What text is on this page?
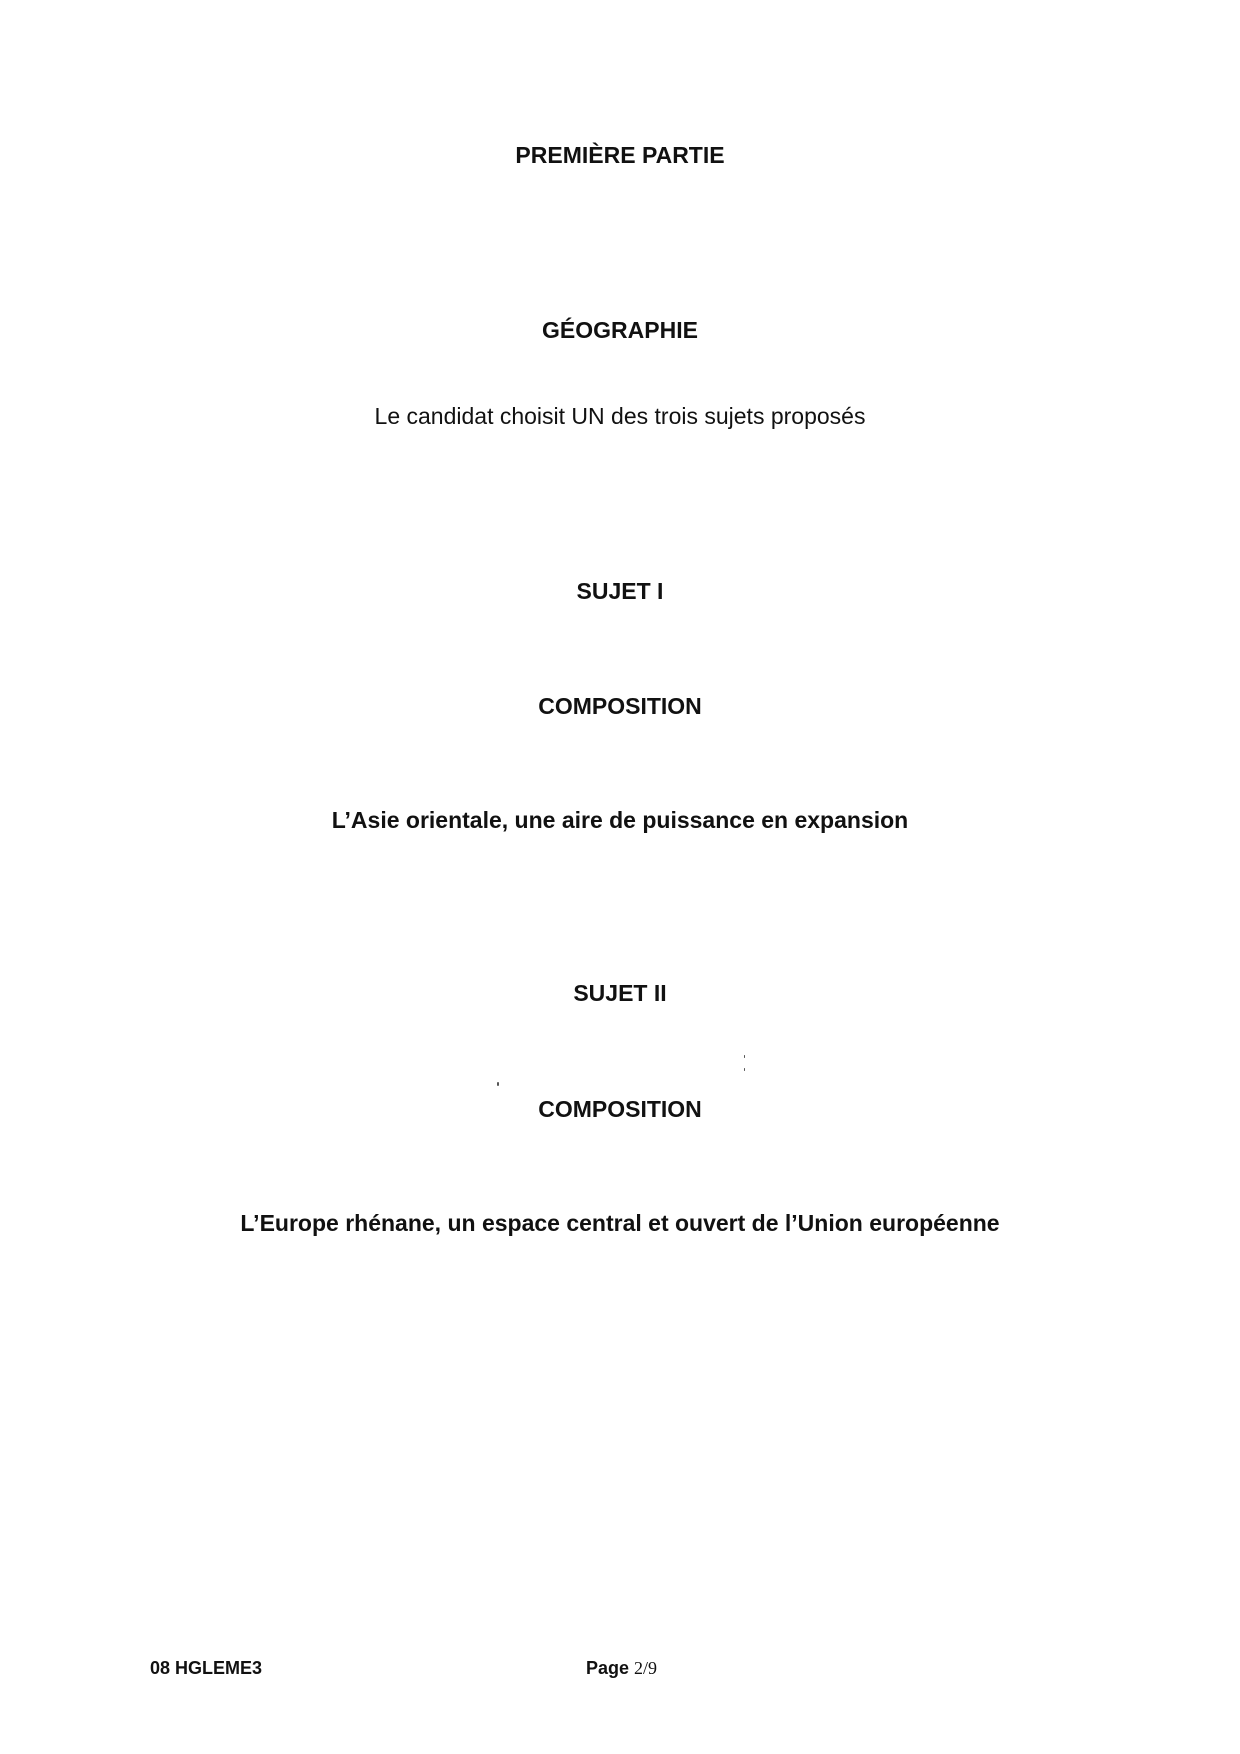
PREMIÈRE PARTIE
GÉOGRAPHIE
Le candidat choisit UN des trois sujets proposés
SUJET I
COMPOSITION
L’Asie orientale, une aire de puissance en expansion
SUJET II
COMPOSITION
L’Europe rhénane, un espace central et ouvert de l’Union européenne
08 HGLEME3	Page 2/9
